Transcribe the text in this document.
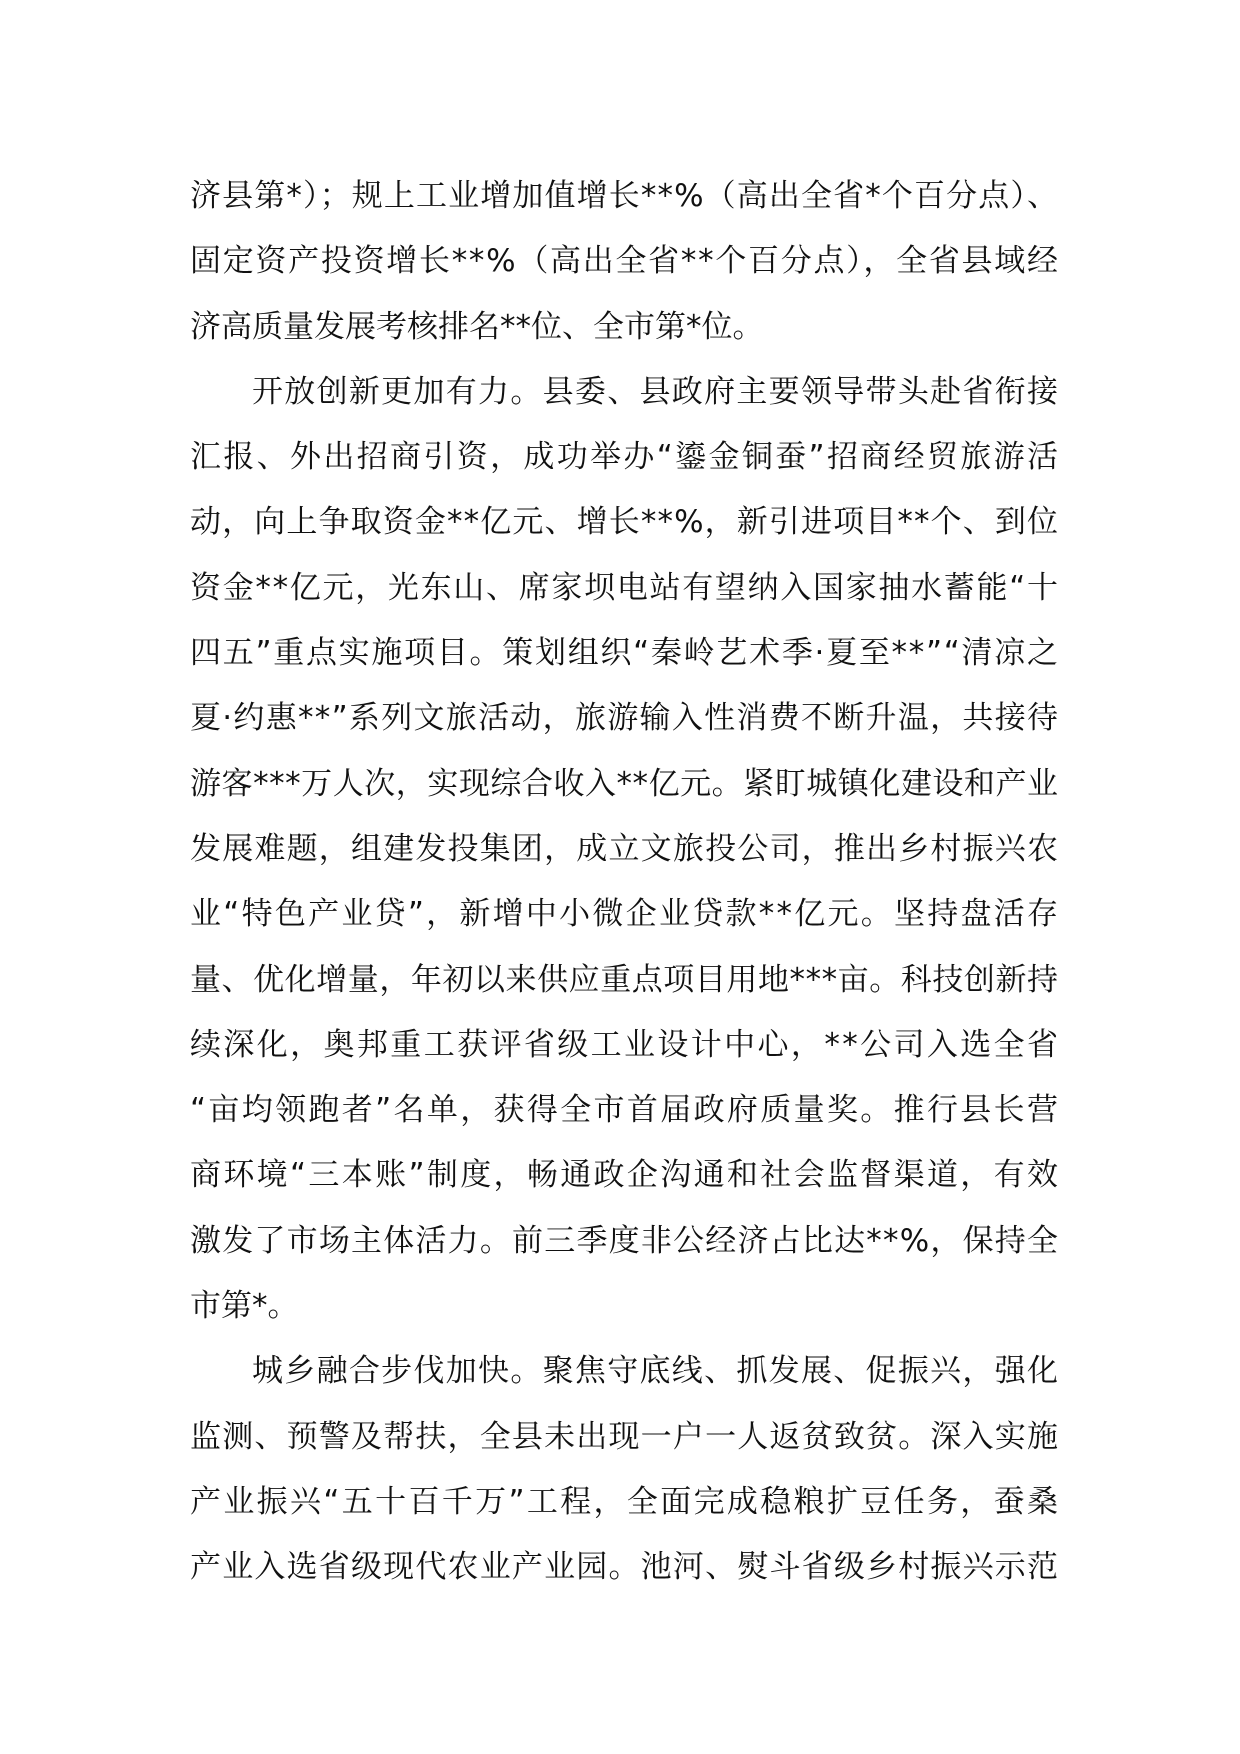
济县第*）；规上工业增加值增长**%（高出全省*个百分点）、
固定资产投资增长**%（高出全省**个百分点），全省县域经
济高质量发展考核排名**位、全市第*位。
开放创新更加有力。县委、县政府主要领导带头赴省衔接
汇报、外出招商引资，成功举办“鎏金铜蚕”招商经贸旅游活
动，向上争取资金**亿元、增长**%，新引进项目**个、到位
资金**亿元，光东山、席家坝电站有望纳入国家抽水蓄能“十
四五”重点实施项目。策划组织“秦岭艺术季·夏至**”“清凉之
夏·约惠**”系列文旅活动，旅游输入性消费不断升温，共接待
游客***万人次，实现综合收入**亿元。紧盯城镇化建设和产业
发展难题，组建发投集团，成立文旅投公司，推出乡村振兴农
业“特色产业贷”，新增中小微企业贷款**亿元。坚持盘活存
量、优化增量，年初以来供应重点项目用地***亩。科技创新持
续深化，奥邦重工获评省级工业设计中心，**公司入选全省
“亩均领跑者”名单，获得全市首届政府质量奖。推行县长营
商环境“三本账”制度，畅通政企沟通和社会监督渠道，有效
激发了市场主体活力。前三季度非公经济占比达**%，保持全
市第*。
城乡融合步伐加快。聚焦守底线、抓发展、促振兴，强化
监测、预警及帮扶，全县未出现一户一人返贫致贫。深入实施
产业振兴“五十百千万”工程，全面完成稳粮扩豆任务，蚕桑
产业入选省级现代农业产业园。池河、熨斗省级乡村振兴示范
